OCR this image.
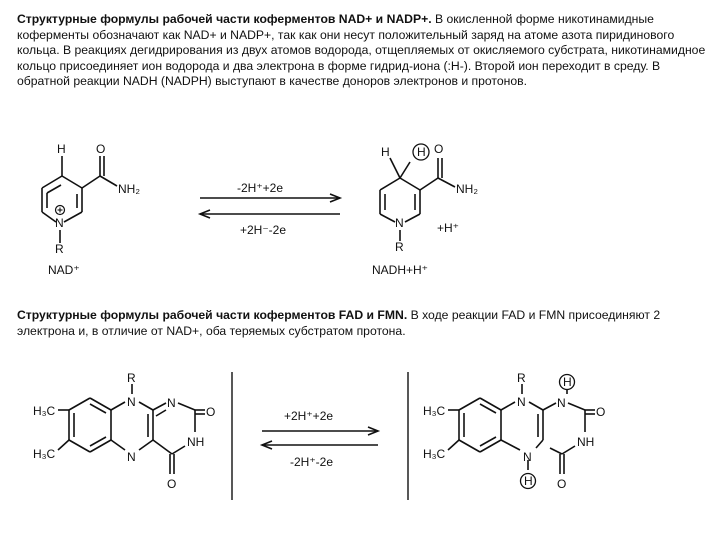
Структурные формулы рабочей части коферментов NAD+ и NADP+. В окисленной форме никотинамидные коферменты обозначают как NAD+ и NADP+, так как они несут положительный заряд на атоме азота пиридинового кольца. В реакциях дегидрирования из двух атомов водорода, отщепляемых от окисляемого субстрата, никотинамидное кольцо присоединяет ион водорода и два электрона в форме гидрид-иона (:Н-). Второй ион переходит в среду. В обратной реакции NADH (NADPH) выступают в качестве доноров электронов и протонов.
Структурные формулы рабочей части коферментов FAD и FMN. В ходе реакции FAD и FMN присоединяют 2 электрона и, в отличие от NAD+, оба теряемых субстратом протона.
H	O
NH₂
N
R
NAD⁺
-2H⁺+2e
+2H⁻-2e
H H O
NH₂
N
R
+H⁺
NADH+H⁺
H₃C
H₃C
R
N	N
O
NH
N
O
+2H⁺+2e
-2H⁺-2e
H₃C
H₃C
R	H
N	N
O
NH
N
H O
